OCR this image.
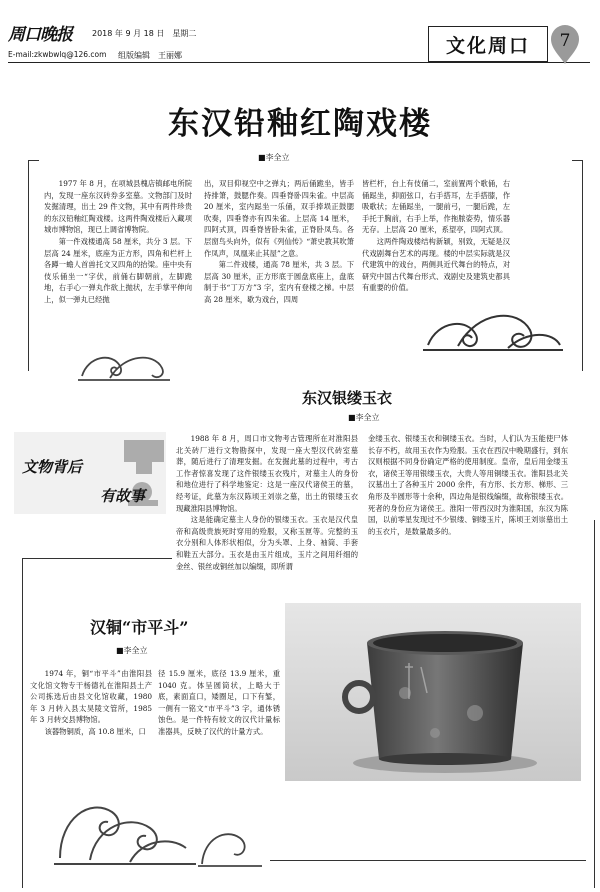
周口晚报	2018 年 9 月 18 日　星期二
E-mail:zkwbwlq@126.com 组版编辑　王丽娜	文化周口	7
东汉铅釉红陶戏楼
■李全立

1977 年 8 月，在项城县槐店镇邮电所院内，发现一座东汉砖券多室墓。文物部门及时发掘清理，出土 29 件文物，其中有两件珍贵的东汉铅釉红陶戏楼。这两件陶戏楼后入藏项城市博物馆，现已上调省博物院。

第一件戏楼通高 58 厘米，共分 3 层。下层高 24 厘米，底座为正方形，四角和栏杆上各蹲一蟾人首兽托文又四角的抬梁。座中央有伎乐俑坐一“字伏，前俑右脚朝前，左脚跪地，右手心一弹丸作欲上抛状，左手掌平伸向上，似一弹丸已经抛

出，双目仰视空中之弹丸；两后俑跪坐，皆手持排箫，鼓腮作奏。四垂脊卧四朱雀。中层高 20 厘米，室内跽坐一乐俑，双手捧埙正鼓腮吹奏，四垂脊亦有四朱雀。上层高 14 厘米，四阿式顶，四垂脊皆卧朱雀，正脊卧凤鸟。各层窗鸟头向外，似有《列仙传》“萧史教其吹箫作凤声，凤凰来止其屋”之意。

第二件戏楼，通高 78 厘米，共 3 层。下层高 30 厘米，正方形底于圆盘底座上，盘底制于书“丁万方”3 字，室内有登楼之梯。中层高 28 厘米，歇为戏台，四周

皆栏杆，台上有伎俑二，室前置两个歌俑，右俑跽坐，抑面弦口，右手搭耳，左手搭膝，作吸歌状；左俑跽坐，一腿前弓，一腿后跪，左手托于胸前，右手上举，作拖脓姿势，情乐器无存。上层高 20 厘米，系望亭，四阿式顶。

这两件陶戏楼结构新颖，别致，无疑是汉代戏剧舞台艺术的再现。楼的中层实际就是汉代建筑中的戏台，两侧具近代舞台的特点，对研究中国古代舞台形式、戏剧史及建筑史都具有重要的价值。

东汉银缕玉衣
■李全立
文物背后
有故事

1988 年 8 月，周口市文物考古管理所在对淮阳县北关砖厂进行文物勘探中，发现一座大型汉代砖室墓葬，随后进行了清理发掘。在发掘此墓的过程中，考古工作者惊喜发现了这件银缕玉衣残片，对墓主人的身份和地位进行了科学地鉴定：这是一座汉代诸侯王的墓，经考证，此墓为东汉陈顷王刘崇之墓，出土的银缕玉衣现藏淮阳县博物馆。

这是能确定墓主人身份的银缕玉衣。玉衣是汉代皇帝和高级贵族死时穿用的殓服，又称玉匣等。完整的玉衣分别和人体形状相似，分为头罩、上身、袖筒、手套和鞋五大部分。玉衣是由玉片组成，玉片之间用纤细的金丝、银丝或铜丝加以编缀，即所谓

金缕玉衣、银缕玉衣和铜缕玉衣。当时，人们认为玉能使尸体长存不朽，故用玉衣作为殓服。玉衣在西汉中晚期盛行，到东汉则根据不同身份确定严格的使用制度。皇帝，皇后用金缕玉衣，诸侯王等用银缕玉衣，大贵人等用铜缕玉衣。淮阳县北关汉墓出土了各种玉片 2000 余件，有方形、长方形、梯形、三角形及半圆形等十余种，四边角是银线编缀，故称银缕玉衣。死者的身份应为诸侯王。淮阳一带西汉时为淮阳国，东汉为陈国，以前零星发现过不少银缕、铜缕玉片，陈顷王刘崇墓出土的玉衣片，是数量最多的。

汉铜“市平斗”
■李全立

1974 年，铜“市平斗”由淮阳县文化馆文物专干杨德礼在淮阳县土产公司拣选后由县文化馆收藏，1980 年 3 月转入县太昊陵文管所，1985 年 3 月转交县博物馆。

该器物铜质，高 10.8 厘米，口

径 15.9 厘米，底径 13.9 厘米，重 1040 克。体呈圆筒状，上略大于底，素面直口，矮圈足，口下有錾，一侧有一铭文“市平斗”3 字，通体锈蚀色。是一件特有较文的汉代计量标准器具，反映了汉代的计量方式。
